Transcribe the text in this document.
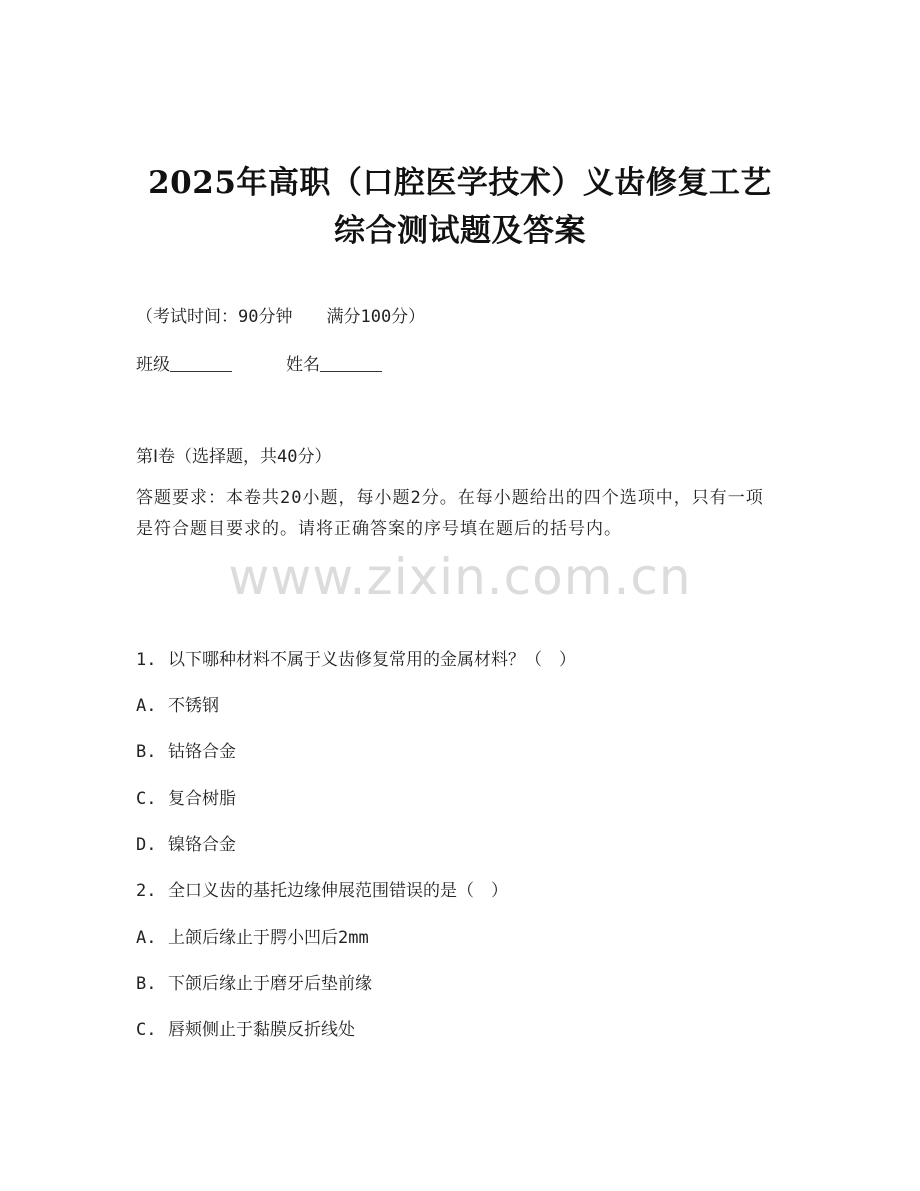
2025年高职（口腔医学技术）义齿修复工艺
综合测试题及答案
（考试时间：90分钟　　满分100分）
班级	姓名
第Ⅰ卷（选择题，共40分）
答题要求：本卷共20小题，每小题2分。在每小题给出的四个选项中，只有一项是符合题目要求的。请将正确答案的序号填在题后的括号内。
www.zixin.com.cn
1. 以下哪种材料不属于义齿修复常用的金属材料？（　）
A. 不锈钢
B. 钴铬合金
C. 复合树脂
D. 镍铬合金
2. 全口义齿的基托边缘伸展范围错误的是（　）
A. 上颌后缘止于腭小凹后2mm
B. 下颌后缘止于磨牙后垫前缘
C. 唇颊侧止于黏膜反折线处
